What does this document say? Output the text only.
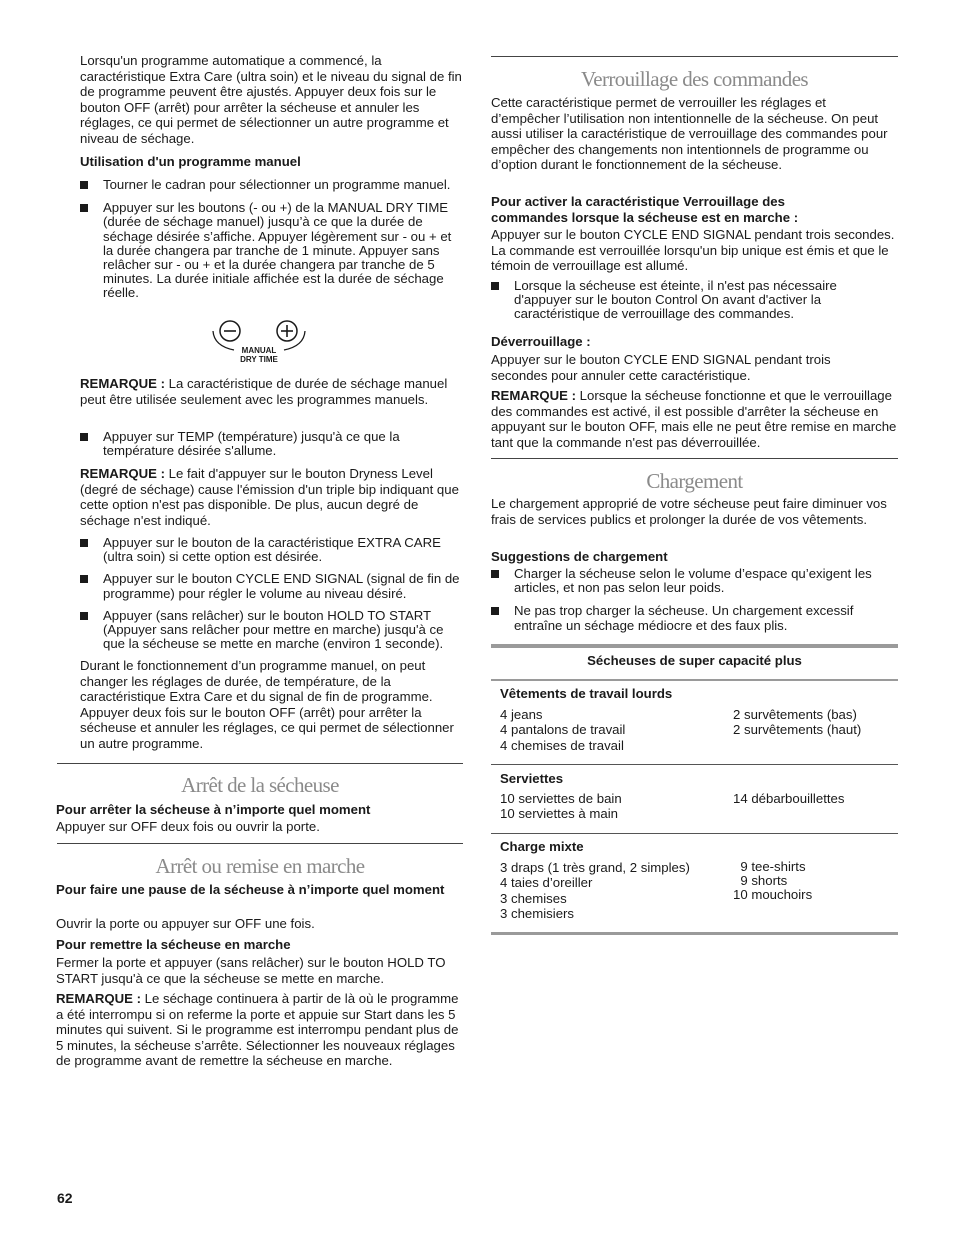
Lorsqu'un programme automatique a commencé, la caractéristique Extra Care (ultra soin) et le niveau du signal de fin de programme peuvent être ajustés. Appuyer deux fois sur le bouton OFF (arrêt) pour arrêter la sécheuse et annuler les réglages, ce qui permet de sélectionner un autre programme et niveau de séchage.

Utilisation d'un programme manuel

Tourner le cadran pour sélectionner un programme manuel.
Appuyer sur les boutons (- ou +) de la MANUAL DRY TIME (durée de séchage manuel) jusqu’à ce que la durée de séchage désirée s’affiche. Appuyer légèrement sur - ou + et la durée changera par tranche de 1 minute. Appuyer sans relâcher sur - ou + et la durée changera par tranche de 5 minutes. La durée initiale affichée est la durée de séchage réelle.
MANUAL
DRY TIME

REMARQUE : La caractéristique de durée de séchage manuel peut être utilisée seulement avec les programmes manuels.

Appuyer sur TEMP (température) jusqu'à ce que la température désirée s'allume.

REMARQUE : Le fait d'appuyer sur le bouton Dryness Level (degré de séchage) cause l'émission d'un triple bip indiquant que cette option n'est pas disponible. De plus, aucun degré de séchage n'est indiqué.

Appuyer sur le bouton de la caractéristique EXTRA CARE (ultra soin) si cette option est désirée.
Appuyer sur le bouton CYCLE END SIGNAL (signal de fin de programme) pour régler le volume au niveau désiré.
Appuyer (sans relâcher) sur le bouton HOLD TO START (Appuyer sans relâcher pour mettre en marche) jusqu'à ce que la sécheuse se mette en marche (environ 1 seconde).

Durant le fonctionnement d’un programme manuel, on peut changer les réglages de durée, de température, de la caractéristique Extra Care et du signal de fin de programme. Appuyer deux fois sur le bouton OFF (arrêt) pour arrêter la sécheuse et annuler les réglages, ce qui permet de sélectionner un autre programme.

Arrêt de la sécheuse

Pour arrêter la sécheuse à n’importe quel moment

Appuyer sur OFF deux fois ou ouvrir la porte.

Arrêt ou remise en marche

Pour faire une pause de la sécheuse à n’importe quel moment

Ouvrir la porte ou appuyer sur OFF une fois.

Pour remettre la sécheuse en marche

Fermer la porte et appuyer (sans relâcher) sur le bouton HOLD TO START jusqu'à ce que la sécheuse se mette en marche.

REMARQUE : Le séchage continuera à partir de là où le programme a été interrompu si on referme la porte et appuie sur Start dans les 5 minutes qui suivent. Si le programme est interrompu pendant plus de 5 minutes, la sécheuse s’arrête. Sélectionner les nouveaux réglages de programme avant de remettre la sécheuse en marche.

Verrouillage des commandes

Cette caractéristique permet de verrouiller les réglages et d’empêcher l’utilisation non intentionnelle de la sécheuse. On peut aussi utiliser la caractéristique de verrouillage des commandes pour empêcher des changements non intentionnels de programme ou d’option durant le fonctionnement de la sécheuse.

Pour activer la caractéristique Verrouillage des commandes lorsque la sécheuse est en marche :

Appuyer sur le bouton CYCLE END SIGNAL pendant trois secondes. La commande est verrouillée lorsqu'un bip unique est émis et que le témoin de verrouillage est allumé.

Lorsque la sécheuse est éteinte, il n'est pas nécessaire d'appuyer sur le bouton Control On avant d'activer la caractéristique de verrouillage des commandes.

Déverrouillage :

Appuyer sur le bouton CYCLE END SIGNAL pendant trois secondes pour annuler cette caractéristique.

REMARQUE : Lorsque la sécheuse fonctionne et que le verrouillage des commandes est activé, il est possible d'arrêter la sécheuse en appuyant sur le bouton OFF, mais elle ne peut être remise en marche tant que la commande n'est pas déverrouillée.

Chargement

Le chargement approprié de votre sécheuse peut faire diminuer vos frais de services publics et prolonger la durée de vos vêtements.

Suggestions de chargement

Charger la sécheuse selon le volume d’espace qu’exigent les articles, et non pas selon leur poids.
Ne pas trop charger la sécheuse. Un chargement excessif entraîne un séchage médiocre et des faux plis.

Sécheuses de super capacité plus

Vêtements de travail lourds

4 jeans
4 pantalons de travail
4 chemises de travail
2 survêtements (bas)
2 survêtements (haut)

Serviettes

10 serviettes de bain
10 serviettes à main
14 débarbouillettes

Charge mixte

3 draps (1 très grand, 2 simples)
4 taies d’oreiller
3 chemises
3 chemisiers
9 tee-shirts
9 shorts
10 mouchoirs

62
